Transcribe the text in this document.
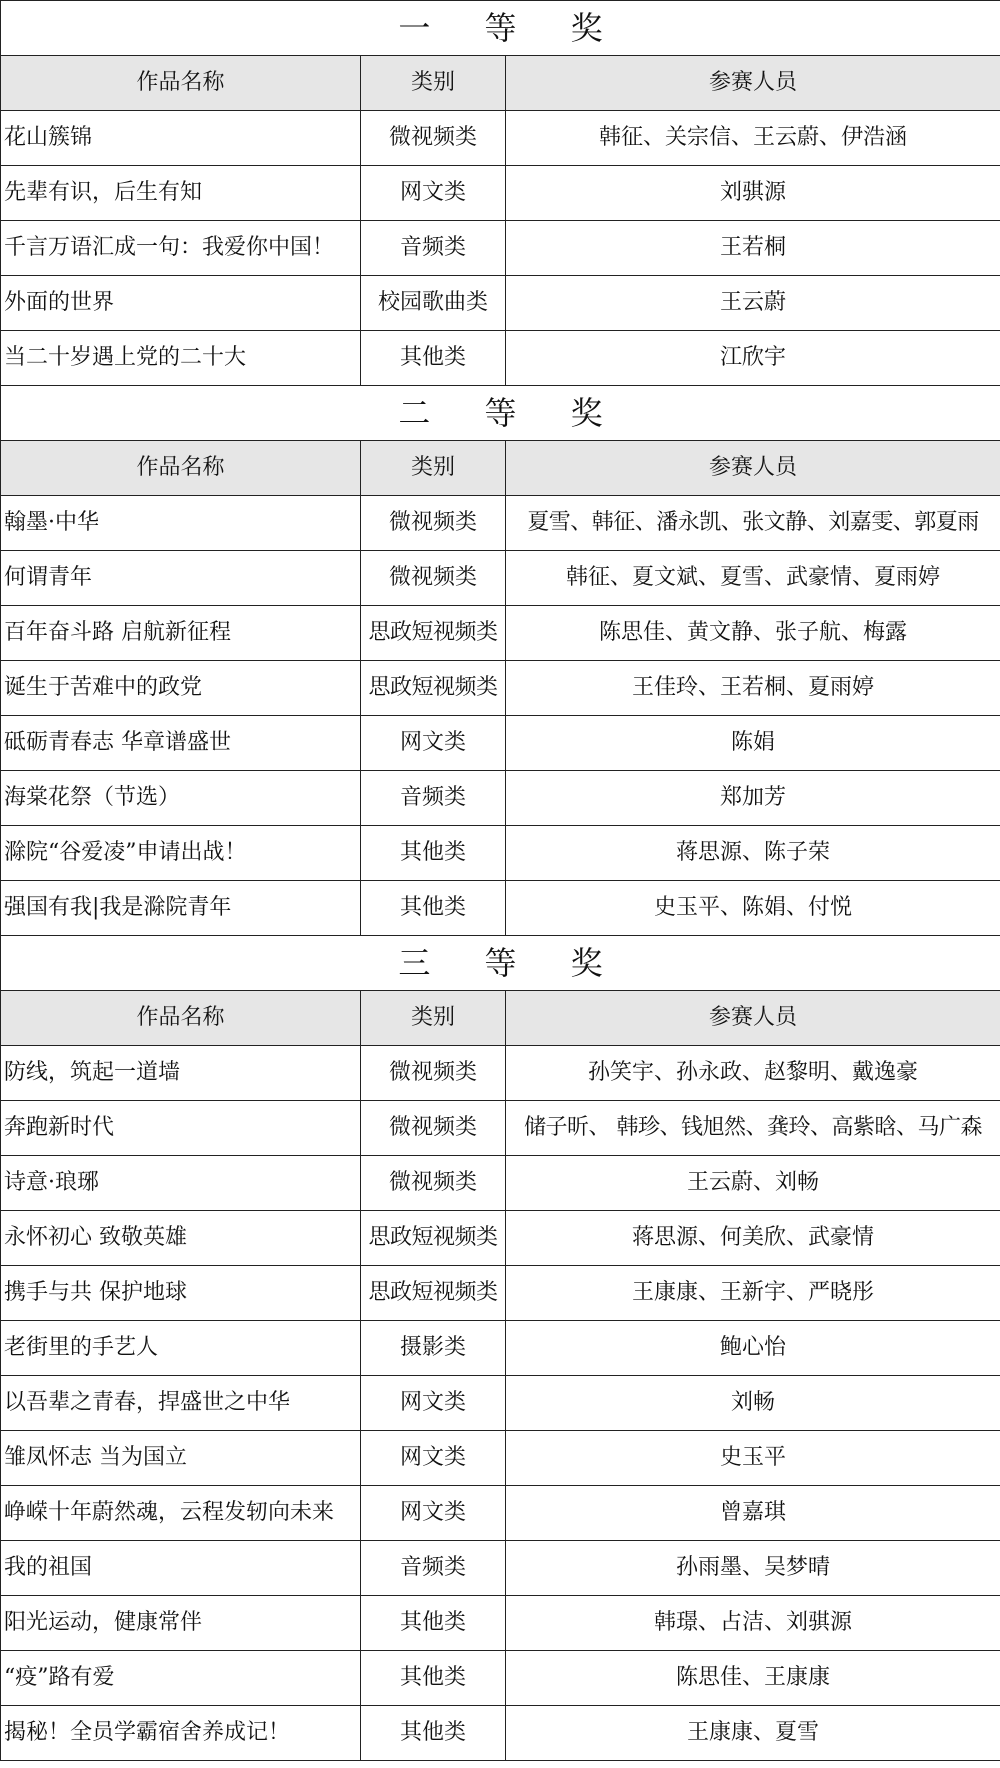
一 等 奖		
作品名称	类别	参赛人员
花山簇锦	微视频类	韩征、关宗信、王云蔚、伊浩涵
先辈有识，后生有知	网文类	刘骐源
千言万语汇成一句：我爱你中国！	音频类	王若桐
外面的世界	校园歌曲类	王云蔚
当二十岁遇上党的二十大	其他类	江欣宇
二 等 奖		
作品名称	类别	参赛人员
翰墨·中华	微视频类	夏雪、韩征、潘永凯、张文静、刘嘉雯、郭夏雨
何谓青年	微视频类	韩征、夏文斌、夏雪、武豪情、夏雨婷
百年奋斗路 启航新征程	思政短视频类	陈思佳、黄文静、张子航、梅露
诞生于苦难中的政党	思政短视频类	王佳玲、王若桐、夏雨婷
砥砺青春志 华章谱盛世	网文类	陈娟
海棠花祭（节选）	音频类	郑加芳
滁院“谷爱凌”申请出战！	其他类	蒋思源、陈子荣
强国有我|我是滁院青年	其他类	史玉平、陈娟、付悦
三 等 奖		
作品名称	类别	参赛人员
防线，筑起一道墙	微视频类	孙笑宇、孙永政、赵黎明、戴逸豪
奔跑新时代	微视频类	储子昕、 韩珍、钱旭然、龚玲、高紫晗、马广森
诗意·琅琊	微视频类	王云蔚、刘畅
永怀初心 致敬英雄	思政短视频类	蒋思源、何美欣、武豪情
携手与共 保护地球	思政短视频类	王康康、王新宇、严晓彤
老街里的手艺人	摄影类	鲍心怡
以吾辈之青春，捍盛世之中华	网文类	刘畅
雏凤怀志 当为国立	网文类	史玉平
峥嵘十年蔚然魂，云程发轫向未来	网文类	曾嘉琪
我的祖国	音频类	孙雨墨、吴梦晴
阳光运动，健康常伴	其他类	韩璟、占洁、刘骐源
“疫”路有爱	其他类	陈思佳、王康康
揭秘！全员学霸宿舍养成记！	其他类	王康康、夏雪
